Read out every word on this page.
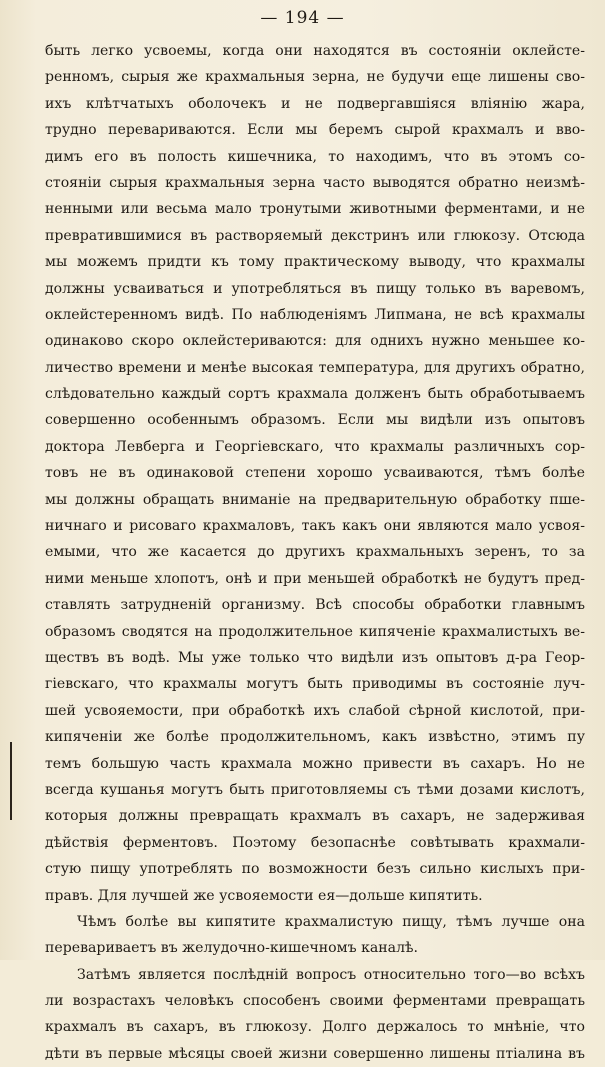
— 194 —
быть легко усвоемы, когда они находятся въ состояніи оклейсте-
ренномъ, сырыя же крахмальныя зерна, не будучи еще лишены сво-
ихъ клѣтчатыхъ оболочекъ и не подвергавшіяся вліянію жара,
трудно перевариваются. Если мы беремъ сырой крахмалъ и вво-
димъ его въ полость кишечника, то находимъ, что въ этомъ со-
стояніи сырыя крахмальныя зерна часто выводятся обратно неизмѣ-
ненными или весьма мало тронутыми животными ферментами, и не
превратившимися въ растворяемый декстринъ или глюкозу. Отсюда
мы можемъ придти къ тому практическому выводу, что крахмалы
должны усваиваться и употребляться въ пищу только въ варевомъ,
оклейстеренномъ видѣ. По наблюденіямъ Липмана, не всѣ крахмалы
одинаково скоро оклейстериваются: для однихъ нужно меньшее ко-
личество времени и менѣе высокая температура, для другихъ обратно,
слѣдовательно каждый сортъ крахмала долженъ быть обработываемъ
совершенно особеннымъ образомъ. Если мы видѣли изъ опытовъ
доктора Левберга и Георгіевскаго, что крахмалы различныхъ сор-
товъ не въ одинаковой степени хорошо усваиваются, тѣмъ болѣе
мы должны обращать вниманіе на предварительную обработку пше-
ничнаго и рисоваго крахмаловъ, такъ какъ они являются мало усвоя-
емыми, что же касается до другихъ крахмальныхъ зеренъ, то за
ними меньше хлопотъ, онѣ и при меньшей обработкѣ не будутъ пред-
ставлять затрудненій организму. Всѣ способы обработки главнымъ
образомъ сводятся на продолжительное кипяченіе крахмалистыхъ ве-
ществъ въ водѣ. Мы уже только что видѣли изъ опытовъ д-ра Геор-
гіевскаго, что крахмалы могутъ быть приводимы въ состояніе луч-
шей усвояемости, при обработкѣ ихъ слабой сѣрной кислотой, при-
кипяченіи же болѣе продолжительномъ, какъ извѣстно, этимъ пу
темъ большую часть крахмала можно привести въ сахаръ. Но не
всегда кушанья могутъ быть приготовляемы съ тѣми дозами кислотъ,
которыя должны превращать крахмалъ въ сахаръ, не задерживая
дѣйствія ферментовъ. Поэтому безопаснѣе совѣтывать крахмали-
стую пищу употреблять по возможности безъ сильно кислыхъ при-
правъ. Для лучшей же усвояемости ея—дольше кипятить.
Чѣмъ болѣе вы кипятите крахмалистую пищу, тѣмъ лучше она
перевариваетъ въ желудочно-кишечномъ каналѣ.
Затѣмъ является послѣдній вопросъ относительно того—во всѣхъ
ли возрастахъ человѣкъ способенъ своими ферментами превращать
крахмалъ въ сахаръ, въ глюкозу. Долго держалось то мнѣніе, что
дѣти въ первые мѣсяцы своей жизни совершенно лишены птіалина въ
